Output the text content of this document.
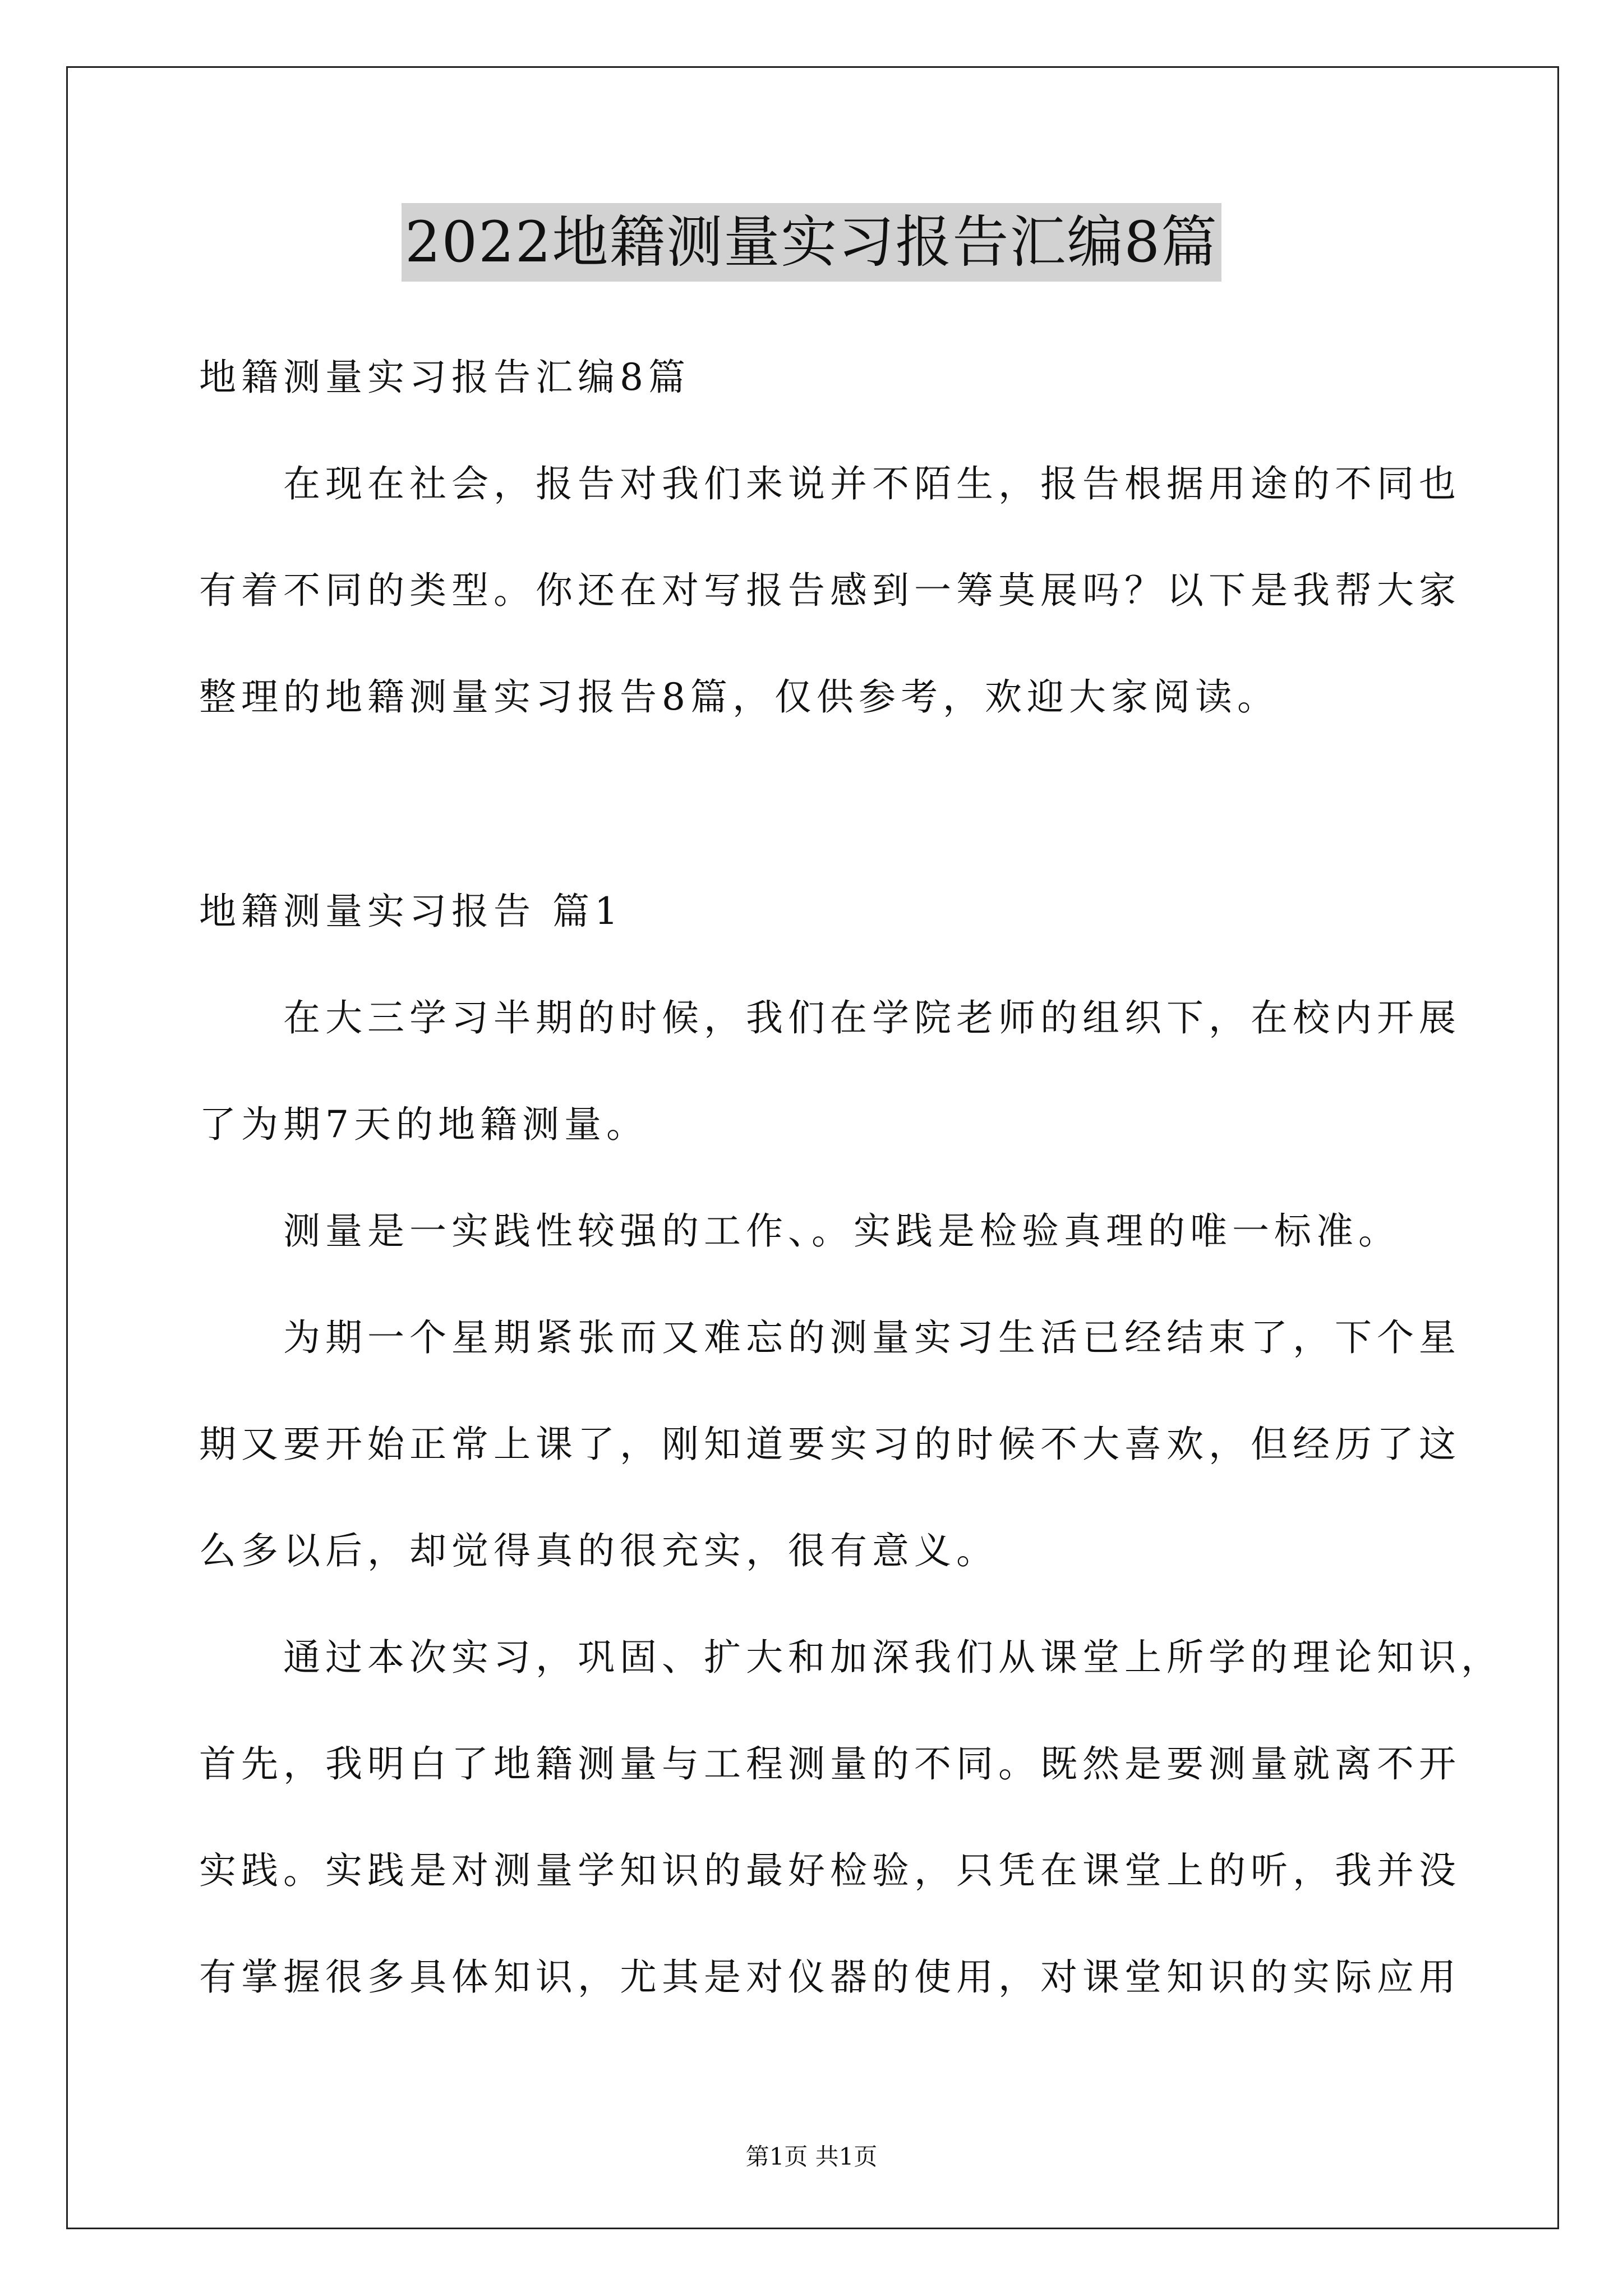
2022地籍测量实习报告汇编8篇
地籍测量实习报告汇编8篇
在现在社会，报告对我们来说并不陌生，报告根据用途的不同也
有着不同的类型。你还在对写报告感到一筹莫展吗？以下是我帮大家
整理的地籍测量实习报告8篇，仅供参考，欢迎大家阅读。
地籍测量实习报告 篇1
在大三学习半期的时候，我们在学院老师的组织下，在校内开展
了为期7天的地籍测量。
测量是一实践性较强的工作、。实践是检验真理的唯一标准。
为期一个星期紧张而又难忘的测量实习生活已经结束了，下个星
期又要开始正常上课了，刚知道要实习的时候不大喜欢，但经历了这
么多以后，却觉得真的很充实，很有意义。
通过本次实习，巩固、扩大和加深我们从课堂上所学的理论知识，
首先，我明白了地籍测量与工程测量的不同。既然是要测量就离不开
实践。实践是对测量学知识的最好检验，只凭在课堂上的听，我并没
有掌握很多具体知识，尤其是对仪器的使用，对课堂知识的实际应用
第1页 共1页
